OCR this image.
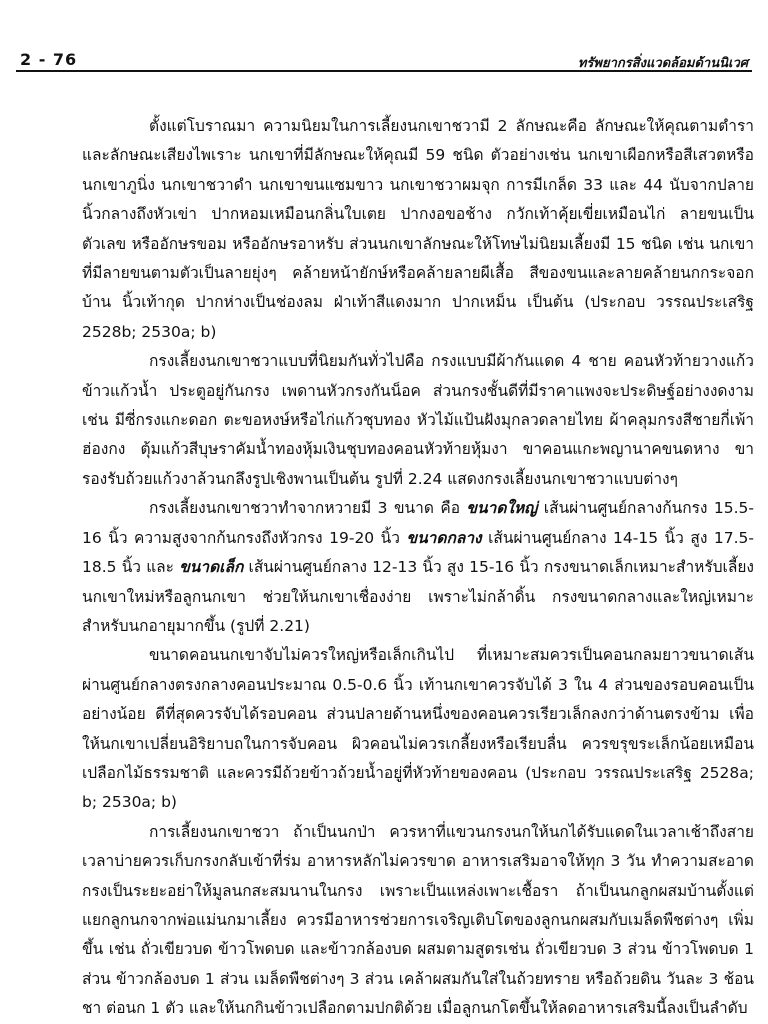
2 - 76	ทรัพยากรสิ่งแวดล้อมด้านนิเวศ

ตั้งแต่โบราณมา ความนิยมในการเลี้ยงนกเขาชวามี 2 ลักษณะคือ ลักษณะให้คุณตามตำรา และลักษณะเสียงไพเราะ นกเขาที่มีลักษณะให้คุณมี 59 ชนิด ตัวอย่างเช่น นกเขาเผือกหรือสีเสวตหรือนกเขาภูนิ่ง นกเขาชวาดำ นกเขาขนแซมขาว นกเขาชวาผมจุก การมีเกล็ด 33 และ 44 นับจากปลายนิ้วกลางถึงหัวเข่า ปากหอมเหมือนกลิ่นใบเตย ปากงอขอช้าง กวักเท้าคุ้ยเขี่ยเหมือนไก่ ลายขนเป็นตัวเลข หรืออักษรขอม หรืออักษรอาหรับ ส่วนนกเขาลักษณะให้โทษไม่นิยมเลี้ยงมี 15 ชนิด เช่น นกเขาที่มีลายขนตามตัวเป็นลายยุ่งๆ คล้ายหน้ายักษ์หรือคล้ายลายผีเสื้อ สีของขนและลายคล้ายนกกระจอกบ้าน นิ้วเท้ากุด ปากห่างเป็นช่องลม ฝ่าเท้าสีแดงมาก ปากเหม็น เป็นต้น (ประกอบ วรรณประเสริฐ 2528b; 2530a; b)

กรงเลี้ยงนกเขาชวาแบบที่นิยมกันทั่วไปคือ กรงแบบมีผ้ากันแดด 4 ชาย คอนหัวท้ายวางแก้วข้าวแก้วน้ำ ประตูอยู่กันกรง เพดานหัวกรงกันน็อค ส่วนกรงชั้นดีที่มีราคาแพงจะประดิษฐ์อย่างงดงาม เช่น มีซี่กรงแกะดอก ตะขอหงษ์หรือไก่แก้วชุบทอง หัวไม้แป้นฝังมุกลวดลายไทย ผ้าคลุมกรงสีชายกี่เพ้าฮ่องกง ตุ้มแก้วสีบุษราคัมน้ำทองหุ้มเงินชุบทองคอนหัวท้ายหุ้มงา ขาคอนแกะพญานาคขนดหาง ขารองรับถ้วยแก้วงาล้วนกลึงรูปเชิงพานเป็นต้น รูปที่ 2.24 แสดงกรงเลี้ยงนกเขาชวาแบบต่างๆ

กรงเลี้ยงนกเขาชวาทำจากหวายมี 3 ขนาด คือ ขนาดใหญ่ เส้นผ่านศูนย์กลางก้นกรง 15.5-16 นิ้ว ความสูงจากก้นกรงถึงหัวกรง 19-20 นิ้ว ขนาดกลาง เส้นผ่านศูนย์กลาง 14-15 นิ้ว สูง 17.5-18.5 นิ้ว และ ขนาดเล็ก เส้นผ่านศูนย์กลาง 12-13 นิ้ว สูง 15-16 นิ้ว กรงขนาดเล็กเหมาะสำหรับเลี้ยงนกเขาใหม่หรือลูกนกเขา ช่วยให้นกเขาเชื่องง่าย เพราะไม่กล้าดิ้น กรงขนาดกลางและใหญ่เหมาะสำหรับนกอายุมากขึ้น (รูปที่ 2.21)

ขนาดคอนนกเขาจับไม่ควรใหญ่หรือเล็กเกินไป ที่เหมาะสมควรเป็นคอนกลมยาวขนาดเส้นผ่านศูนย์กลางตรงกลางคอนประมาณ 0.5-0.6 นิ้ว เท้านกเขาควรจับได้ 3 ใน 4 ส่วนของรอบคอนเป็นอย่างน้อย ดีที่สุดควรจับได้รอบคอน ส่วนปลายด้านหนึ่งของคอนควรเรียวเล็กลงกว่าด้านตรงข้าม เพื่อให้นกเขาเปลี่ยนอิริยาบถในการจับคอน ผิวคอนไม่ควรเกลี้ยงหรือเรียบลื่น ควรขรุขระเล็กน้อยเหมือนเปลือกไม้ธรรมชาติ และควรมีถ้วยข้าวถ้วยน้ำอยู่ที่หัวท้ายของคอน (ประกอบ วรรณประเสริฐ 2528a; b; 2530a; b)

การเลี้ยงนกเขาชวา ถ้าเป็นนกป่า ควรหาที่แขวนกรงนกให้นกได้รับแดดในเวลาเช้าถึงสาย เวลาบ่ายควรเก็บกรงกลับเข้าที่ร่ม อาหารหลักไม่ควรขาด อาหารเสริมอาจให้ทุก 3 วัน ทำความสะอาดกรงเป็นระยะอย่าให้มูลนกสะสมนานในกรง เพราะเป็นแหล่งเพาะเชื้อรา ถ้าเป็นนกลูกผสมบ้านตั้งแต่แยกลูกนกจากพ่อแม่นกมาเลี้ยง ควรมีอาหารช่วยการเจริญเติบโตของลูกนกผสมกับเมล็ดพืชต่างๆ เพิ่มขึ้น เช่น ถั่วเขียวบด ข้าวโพดบด และข้าวกล้องบด ผสมตามสูตรเช่น ถั่วเขียวบด 3 ส่วน ข้าวโพดบด 1 ส่วน ข้าวกล้องบด 1 ส่วน เมล็ดพืชต่างๆ 3 ส่วน เคล้าผสมกันใส่ในถ้วยทราย หรือถ้วยดิน วันละ 3 ช้อนชา ต่อนก 1 ตัว และให้นกกินข้าวเปลือกตามปกติด้วย เมื่อลูกนกโตขึ้นให้ลดอาหารเสริมนี้ลงเป็นลำดับ
